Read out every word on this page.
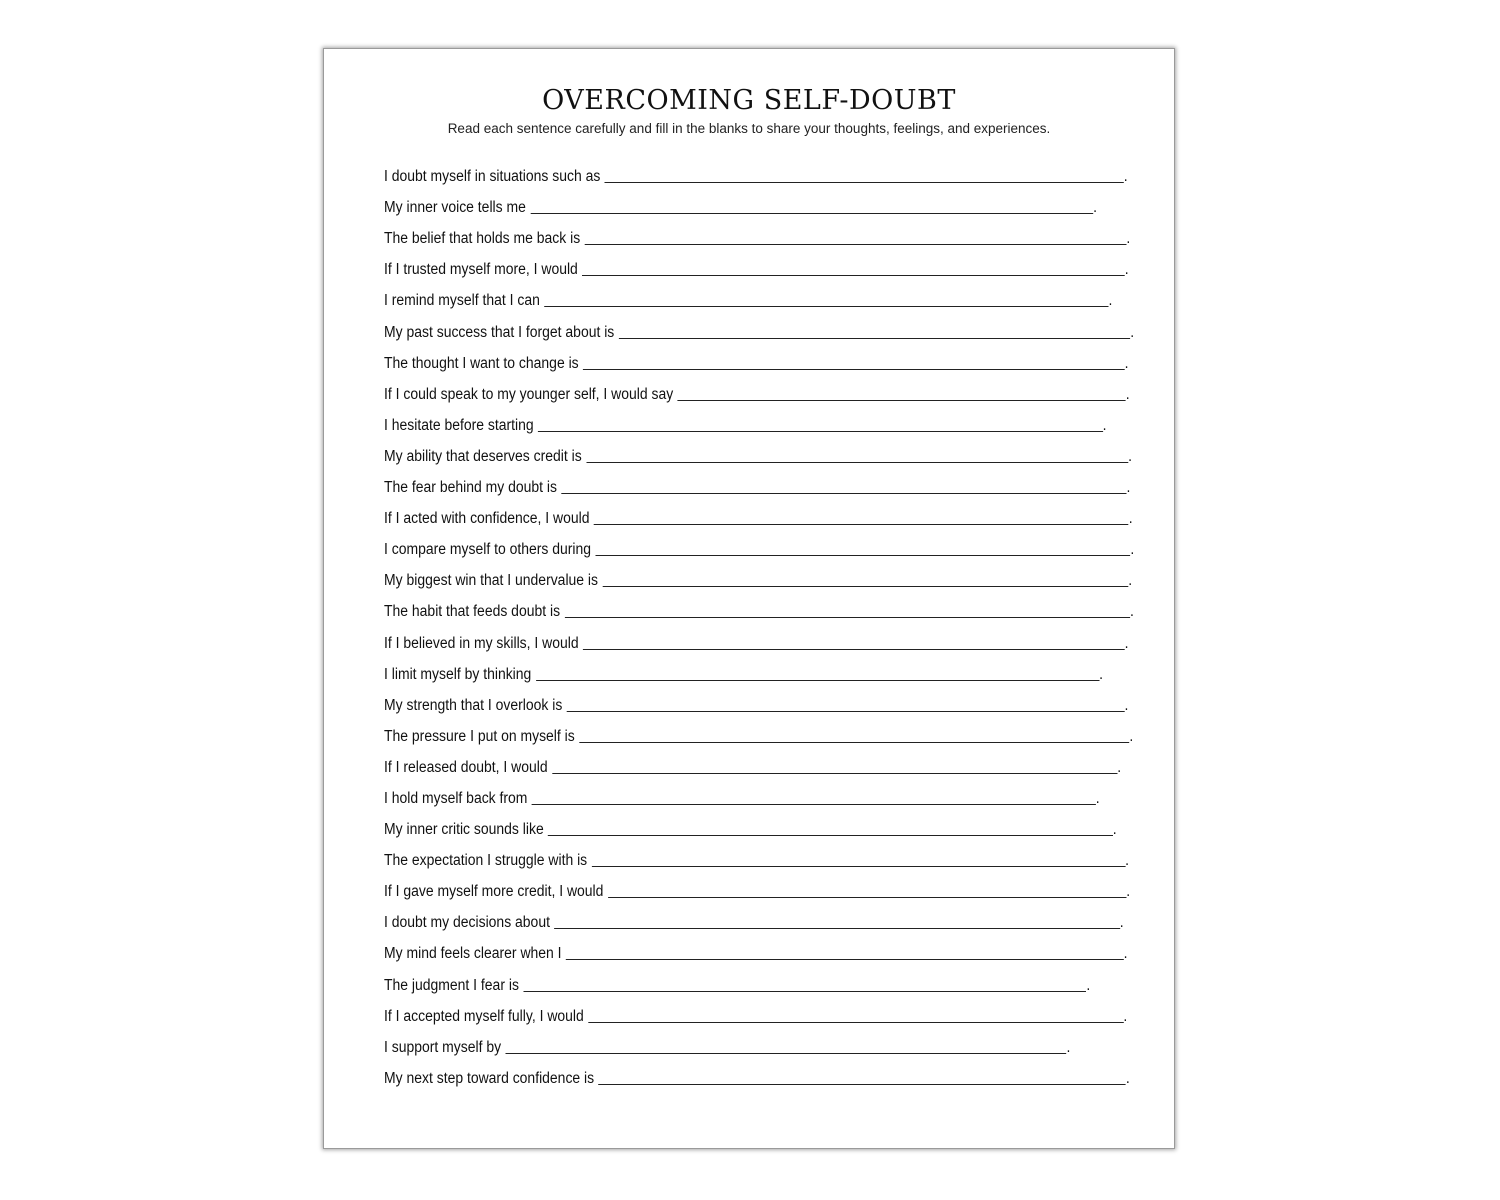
OVERCOMING SELF-DOUBT

Read each sentence carefully and fill in the blanks to share your thoughts, feelings, and experiences.

I doubt myself in situations such as	.
My inner voice tells me	.
The belief that holds me back is	.
If I trusted myself more, I would	.
I remind myself that I can	.
My past success that I forget about is	.
The thought I want to change is	.
If I could speak to my younger self, I would say	.
I hesitate before starting	.
My ability that deserves credit is	.
The fear behind my doubt is	.
If I acted with confidence, I would	.
I compare myself to others during	.
My biggest win that I undervalue is	.
The habit that feeds doubt is	.
If I believed in my skills, I would	.
I limit myself by thinking	.
My strength that I overlook is	.
The pressure I put on myself is	.
If I released doubt, I would	.
I hold myself back from	.
My inner critic sounds like	.
The expectation I struggle with is	.
If I gave myself more credit, I would	.
I doubt my decisions about	.
My mind feels clearer when I	.
The judgment I fear is	.
If I accepted myself fully, I would	.
I support myself by	.
My next step toward confidence is	.
